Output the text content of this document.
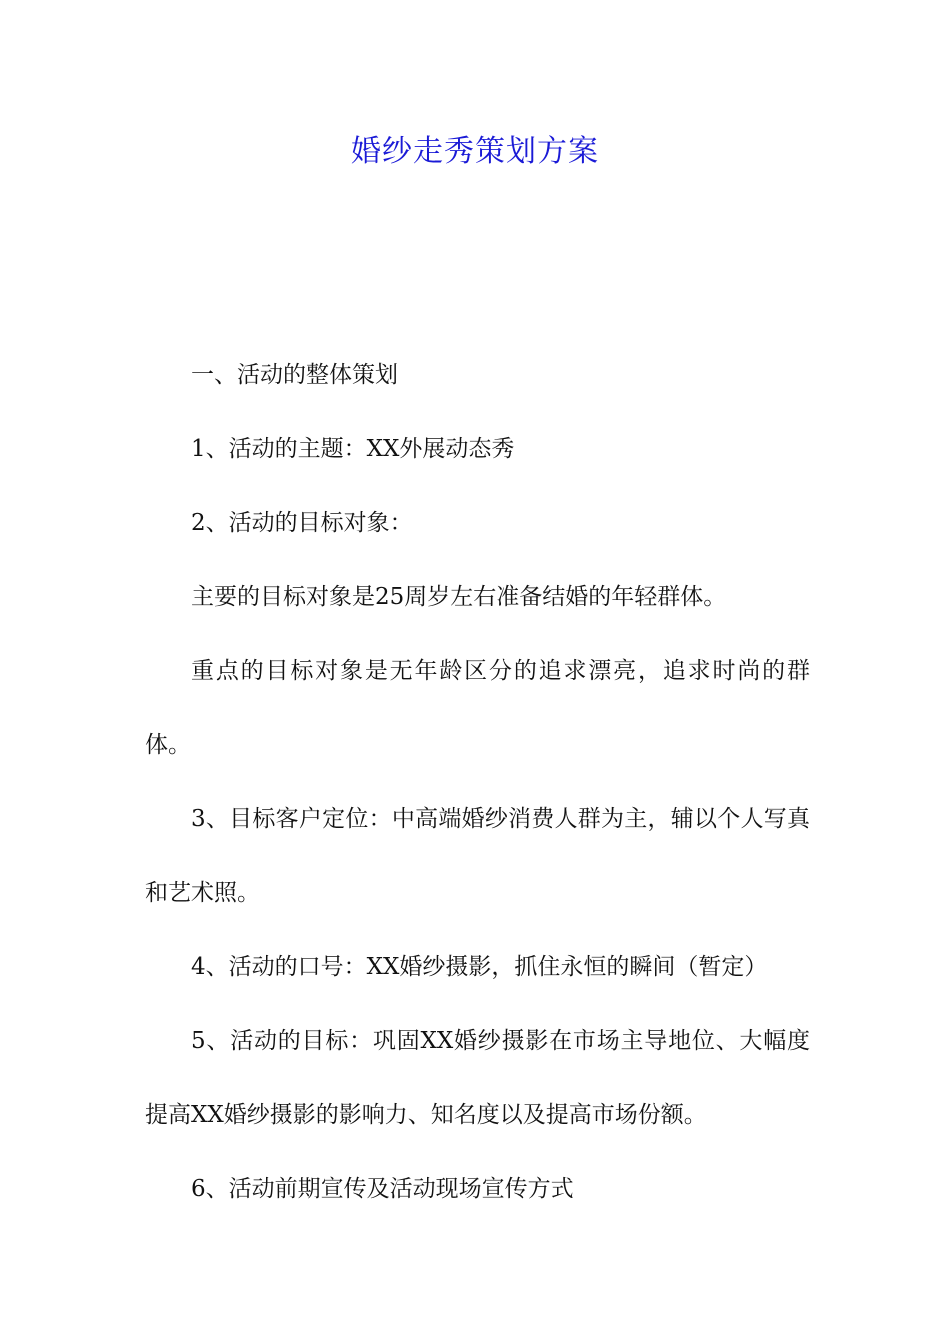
婚纱走秀策划方案

一、活动的整体策划

1、活动的主题：XX外展动态秀

2、活动的目标对象：

主要的目标对象是25周岁左右准备结婚的年轻群体。

重点的目标对象是无年龄区分的追求漂亮，追求时尚的群体。

3、目标客户定位：中高端婚纱消费人群为主，辅以个人写真和艺术照。

4、活动的口号：XX婚纱摄影，抓住永恒的瞬间（暂定）

5、活动的目标：巩固XX婚纱摄影在市场主导地位、大幅度提高XX婚纱摄影的影响力、知名度以及提高市场份额。

6、活动前期宣传及活动现场宣传方式
